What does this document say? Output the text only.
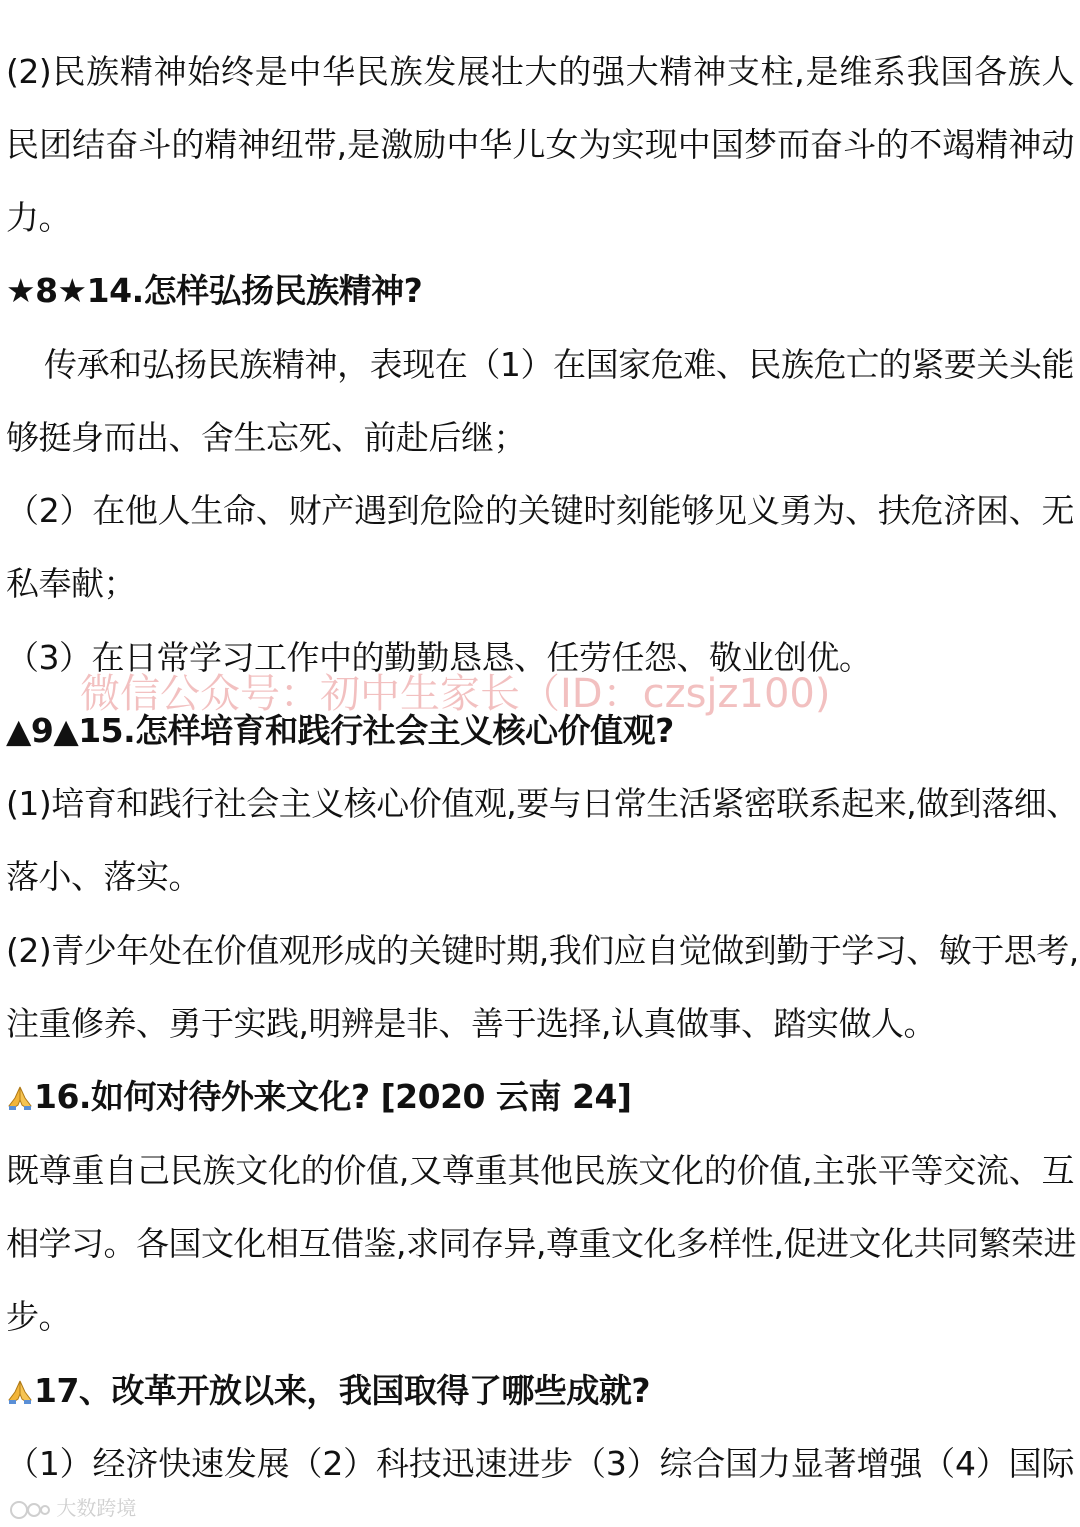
(2)民族精神始终是中华民族发展壮大的强大精神支柱,是维系我国各族人
民团结奋斗的精神纽带,是激励中华儿女为实现中国梦而奋斗的不竭精神动
力。
★8★14.怎样弘扬民族精神?
传承和弘扬民族精神，表现在（1）在国家危难、民族危亡的紧要关头能
够挺身而出、舍生忘死、前赴后继；
（2）在他人生命、财产遇到危险的关键时刻能够见义勇为、扶危济困、无
私奉献；
（3）在日常学习工作中的勤勤恳恳、任劳任怨、敬业创优。
微信公众号：初中生家长（ID：czsjz100)
▲9▲15.怎样培育和践行社会主义核心价值观?
(1)培育和践行社会主义核心价值观,要与日常生活紧密联系起来,做到落细、
落小、落实。
(2)青少年处在价值观形成的关键时期,我们应自觉做到勤于学习、敏于思考,
注重修养、勇于实践,明辨是非、善于选择,认真做事、踏实做人。
16.如何对待外来文化? [2020 云南 24]
既尊重自己民族文化的价值,又尊重其他民族文化的价值,主张平等交流、互
相学习。各国文化相互借鉴,求同存异,尊重文化多样性,促进文化共同繁荣进
步。
17、改革开放以来，我国取得了哪些成就?
（1）经济快速发展（2）科技迅速进步（3）综合国力显著增强（4）国际
大数跨境
